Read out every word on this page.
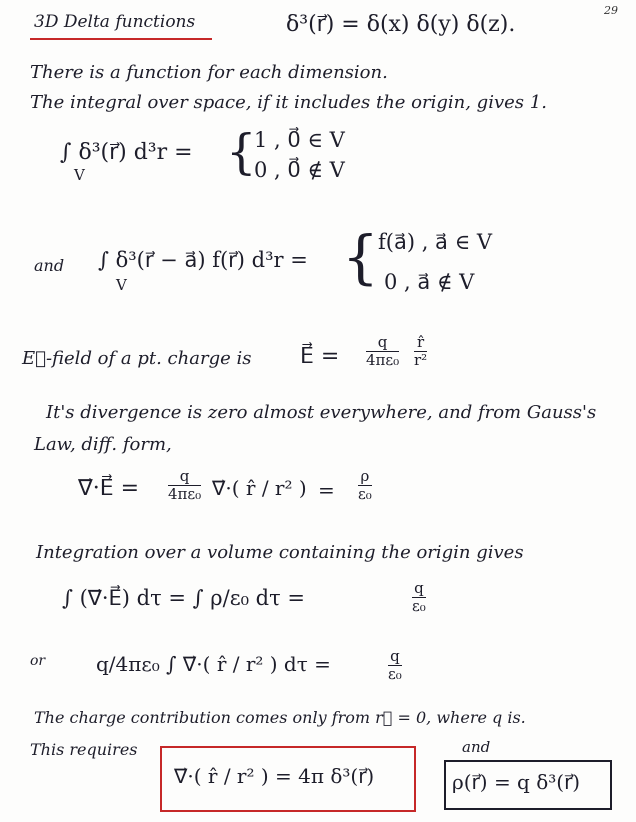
29
3D Delta functions	δ³(r⃗) = δ(x) δ(y) δ(z).
There is a function for each dimension.
The integral over space, if it includes the origin, gives 1.
∫ δ³(r⃗) d³r =
V	{
1 , 0⃗ ∈ V
0 , 0⃗ ∉ V
and ∫ δ³(r⃗ − a⃗) f(r⃗) d³r =
V	{ f(a⃗) , a⃗ ∈ V
0 , a⃗ ∉ V
E⃗-field of a pt. charge is E⃗ = $\frac{q}{\text{4πε₀}} \frac{r̂}{\text{r²}}$
It's divergence is zero almost everywhere, and from Gauss's
Law, diff. form,
∇⃗·E⃗ = $\frac{q}{\text{4πε₀}}$ ∇⃗·( r̂ / r² ) = $\frac{\rho}{\text{ε₀}}$
Integration over a volume containing the origin gives
∫ (∇⃗·E⃗) dτ = ∫ ρ/ε₀ dτ =	$\frac{q}{\text{ε₀}}$
or	q/4πε₀ ∫ ∇⃗·( r̂ / r² ) dτ =	$\frac{q}{\text{ε₀}}$
The charge contribution comes only from r⃗ = 0, where q is.
This requires
∇⃗·( r̂ / r² ) = 4π δ³(r⃗)
and
ρ(r⃗) = q δ³(r⃗)
